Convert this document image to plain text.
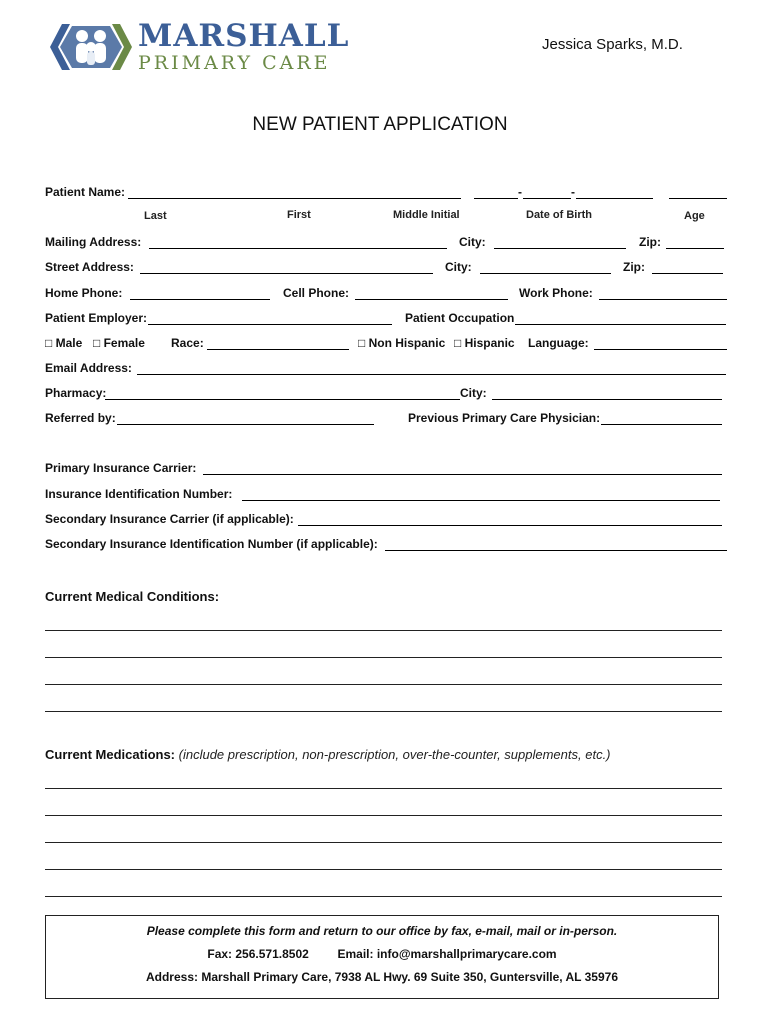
MARSHALL
PRIMARY CARE
Jessica Sparks, M.D.
NEW PATIENT APPLICATION
Patient Name:	-	-
Last	First	Middle Initial	Date of Birth	Age
Mailing Address:	City:	Zip:
Street Address:	City:	Zip:
Home Phone:	Cell Phone:	Work Phone:
Patient Employer:	Patient Occupation
□ Male □ Female Race:	□ Non Hispanic □ Hispanic Language:
Email Address:
Pharmacy:	City:
Referred by:	Previous Primary Care Physician:
Primary Insurance Carrier:
Insurance Identification Number:
Secondary Insurance Carrier (if applicable):
Secondary Insurance Identification Number (if applicable):
Current Medical Conditions:
Current Medications: (include prescription, non-prescription, over-the-counter, supplements, etc.)
Please complete this form and return to our office by fax, e-mail, mail or in-person.
Fax: 256.571.8502 Email: info@marshallprimarycare.com
Address: Marshall Primary Care, 7938 AL Hwy. 69 Suite 350, Guntersville, AL 35976
